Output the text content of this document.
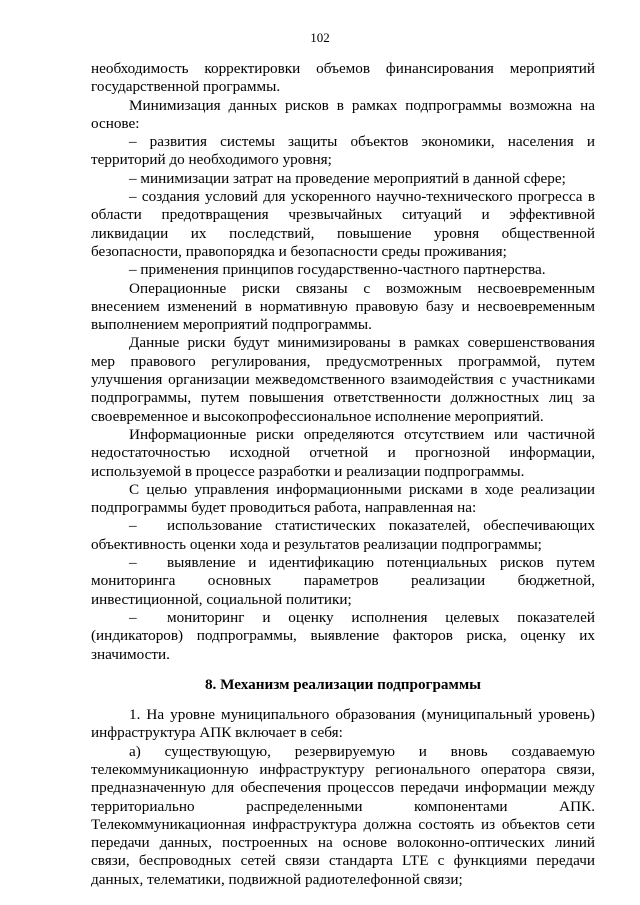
102

необходимость корректировки объемов финансирования мероприятий государственной программы.

Минимизация данных рисков в рамках подпрограммы возможна на основе:

– развития системы защиты объектов экономики, населения и территорий до необходимого уровня;

– минимизации затрат на проведение мероприятий в данной сфере;

– создания условий для ускоренного научно-технического прогресса в области предотвращения чрезвычайных ситуаций и эффективной ликвидации их последствий, повышение уровня общественной безопасности, правопорядка и безопасности среды проживания;

– применения принципов государственно-частного партнерства.

Операционные риски связаны с возможным несвоевременным внесением изменений в нормативную правовую базу и несвоевременным выполнением мероприятий подпрограммы.

Данные риски будут минимизированы в рамках совершенствования мер правового регулирования, предусмотренных программой, путем улучшения организации межведомственного взаимодействия с участниками подпрограммы, путем повышения ответственности должностных лиц за своевременное и высокопрофессиональное исполнение мероприятий.

Информационные риски определяются отсутствием или частичной недостаточностью исходной отчетной и прогнозной информации, используемой в процессе разработки и реализации подпрограммы.

С целью управления информационными рисками в ходе реализации подпрограммы будет проводиться работа, направленная на:

–  использование статистических показателей, обеспечивающих объективность оценки хода и результатов реализации подпрограммы;

–  выявление и идентификацию потенциальных рисков путем мониторинга основных параметров реализации бюджетной, инвестиционной, социальной политики;

–  мониторинг и оценку исполнения целевых показателей (индикаторов) подпрограммы, выявление факторов риска, оценку их значимости.

8. Механизм реализации подпрограммы

1. На уровне муниципального образования (муниципальный уровень) инфраструктура АПК включает в себя:

а) существующую, резервируемую и вновь создаваемую телекоммуникационную инфраструктуру регионального оператора связи, предназначенную для обеспечения процессов передачи информации между территориально распределенными компонентами АПК. Телекоммуникационная инфраструктура должна состоять из объектов сети передачи данных, построенных на основе волоконно-оптических линий связи, беспроводных сетей связи стандарта LTE с функциями передачи данных, телематики, подвижной радиотелефонной связи;
